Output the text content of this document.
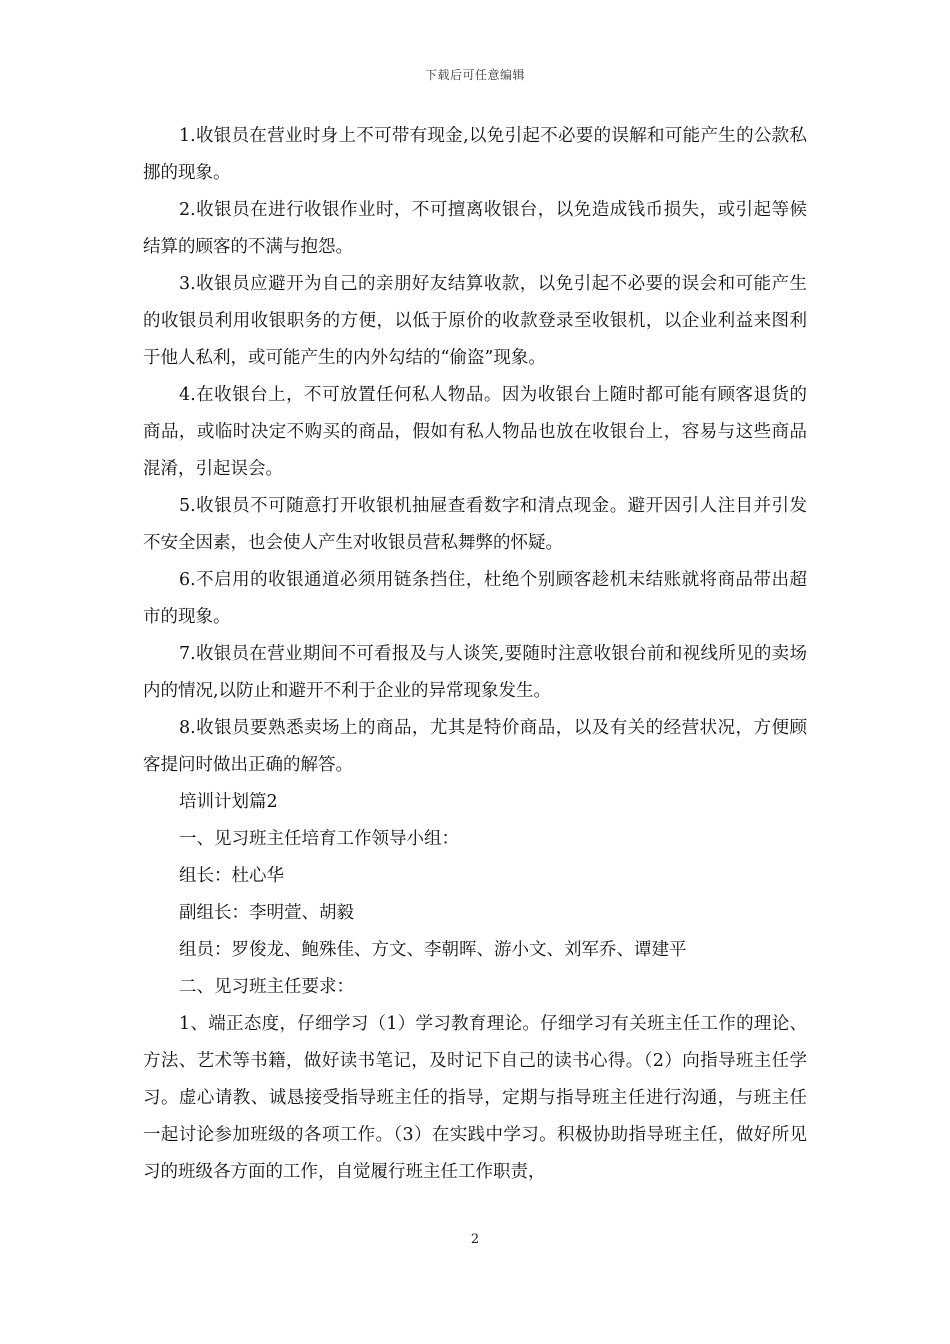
下载后可任意编辑

1.收银员在营业时身上不可带有现金,以免引起不必要的误解和可能产生的公款私挪的现象。

2.收银员在进行收银作业时，不可擅离收银台，以免造成钱币损失，或引起等候结算的顾客的不满与抱怨。

3.收银员应避开为自己的亲朋好友结算收款，以免引起不必要的误会和可能产生的收银员利用收银职务的方便，以低于原价的收款登录至收银机，以企业利益来图利于他人私利，或可能产生的内外勾结的“偷盗”现象。

4.在收银台上，不可放置任何私人物品。因为收银台上随时都可能有顾客退货的商品，或临时决定不购买的商品，假如有私人物品也放在收银台上，容易与这些商品混淆，引起误会。

5.收银员不可随意打开收银机抽屉查看数字和清点现金。避开因引人注目并引发不安全因素，也会使人产生对收银员营私舞弊的怀疑。

6.不启用的收银通道必须用链条挡住，杜绝个别顾客趁机未结账就将商品带出超市的现象。

7.收银员在营业期间不可看报及与人谈笑,要随时注意收银台前和视线所见的卖场内的情况,以防止和避开不利于企业的异常现象发生。

8.收银员要熟悉卖场上的商品，尤其是特价商品，以及有关的经营状况，方便顾客提问时做出正确的解答。

培训计划篇2

一、见习班主任培育工作领导小组：

组长：杜心华

副组长：李明萱、胡毅

组员：罗俊龙、鲍殊佳、方文、李朝晖、游小文、刘军乔、谭建平

二、见习班主任要求：

1、端正态度，仔细学习（1）学习教育理论。仔细学习有关班主任工作的理论、方法、艺术等书籍，做好读书笔记，及时记下自己的读书心得。（2）向指导班主任学习。虚心请教、诚恳接受指导班主任的指导，定期与指导班主任进行沟通，与班主任一起讨论参加班级的各项工作。（3）在实践中学习。积极协助指导班主任，做好所见习的班级各方面的工作，自觉履行班主任工作职责，

2
